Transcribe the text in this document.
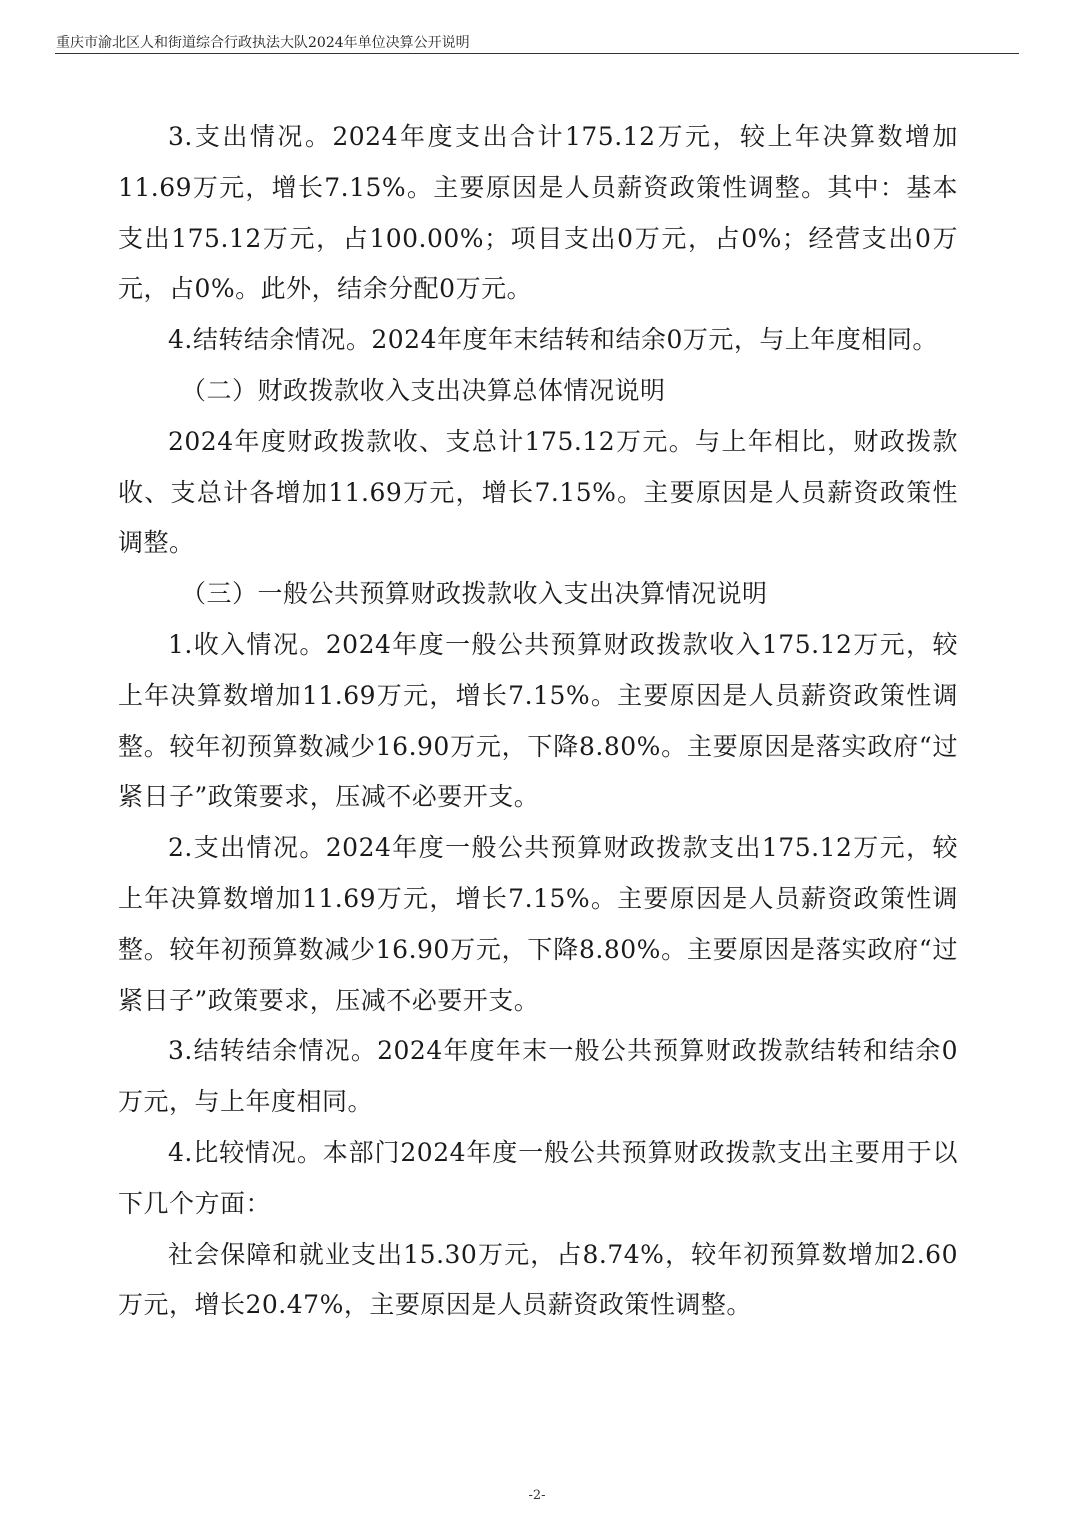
重庆市渝北区人和街道综合行政执法大队2024年单位决算公开说明

3.支出情况。2024年度支出合计175.12万元，较上年决算数增加11.69万元，增长7.15%。主要原因是人员薪资政策性调整。其中：基本支出175.12万元，占100.00%；项目支出0万元，占0%；经营支出0万元，占0%。此外，结余分配0万元。

4.结转结余情况。2024年度年末结转和结余0万元，与上年度相同。

（二）财政拨款收入支出决算总体情况说明

2024年度财政拨款收、支总计175.12万元。与上年相比，财政拨款收、支总计各增加11.69万元，增长7.15%。主要原因是人员薪资政策性调整。

（三）一般公共预算财政拨款收入支出决算情况说明

1.收入情况。2024年度一般公共预算财政拨款收入175.12万元，较上年决算数增加11.69万元，增长7.15%。主要原因是人员薪资政策性调整。较年初预算数减少16.90万元，下降8.80%。主要原因是落实政府“过紧日子”政策要求，压减不必要开支。

2.支出情况。2024年度一般公共预算财政拨款支出175.12万元，较上年决算数增加11.69万元，增长7.15%。主要原因是人员薪资政策性调整。较年初预算数减少16.90万元，下降8.80%。主要原因是落实政府“过紧日子”政策要求，压减不必要开支。

3.结转结余情况。2024年度年末一般公共预算财政拨款结转和结余0万元，与上年度相同。

4.比较情况。本部门2024年度一般公共预算财政拨款支出主要用于以下几个方面：

社会保障和就业支出15.30万元，占8.74%，较年初预算数增加2.60万元，增长20.47%，主要原因是人员薪资政策性调整。

-2-
